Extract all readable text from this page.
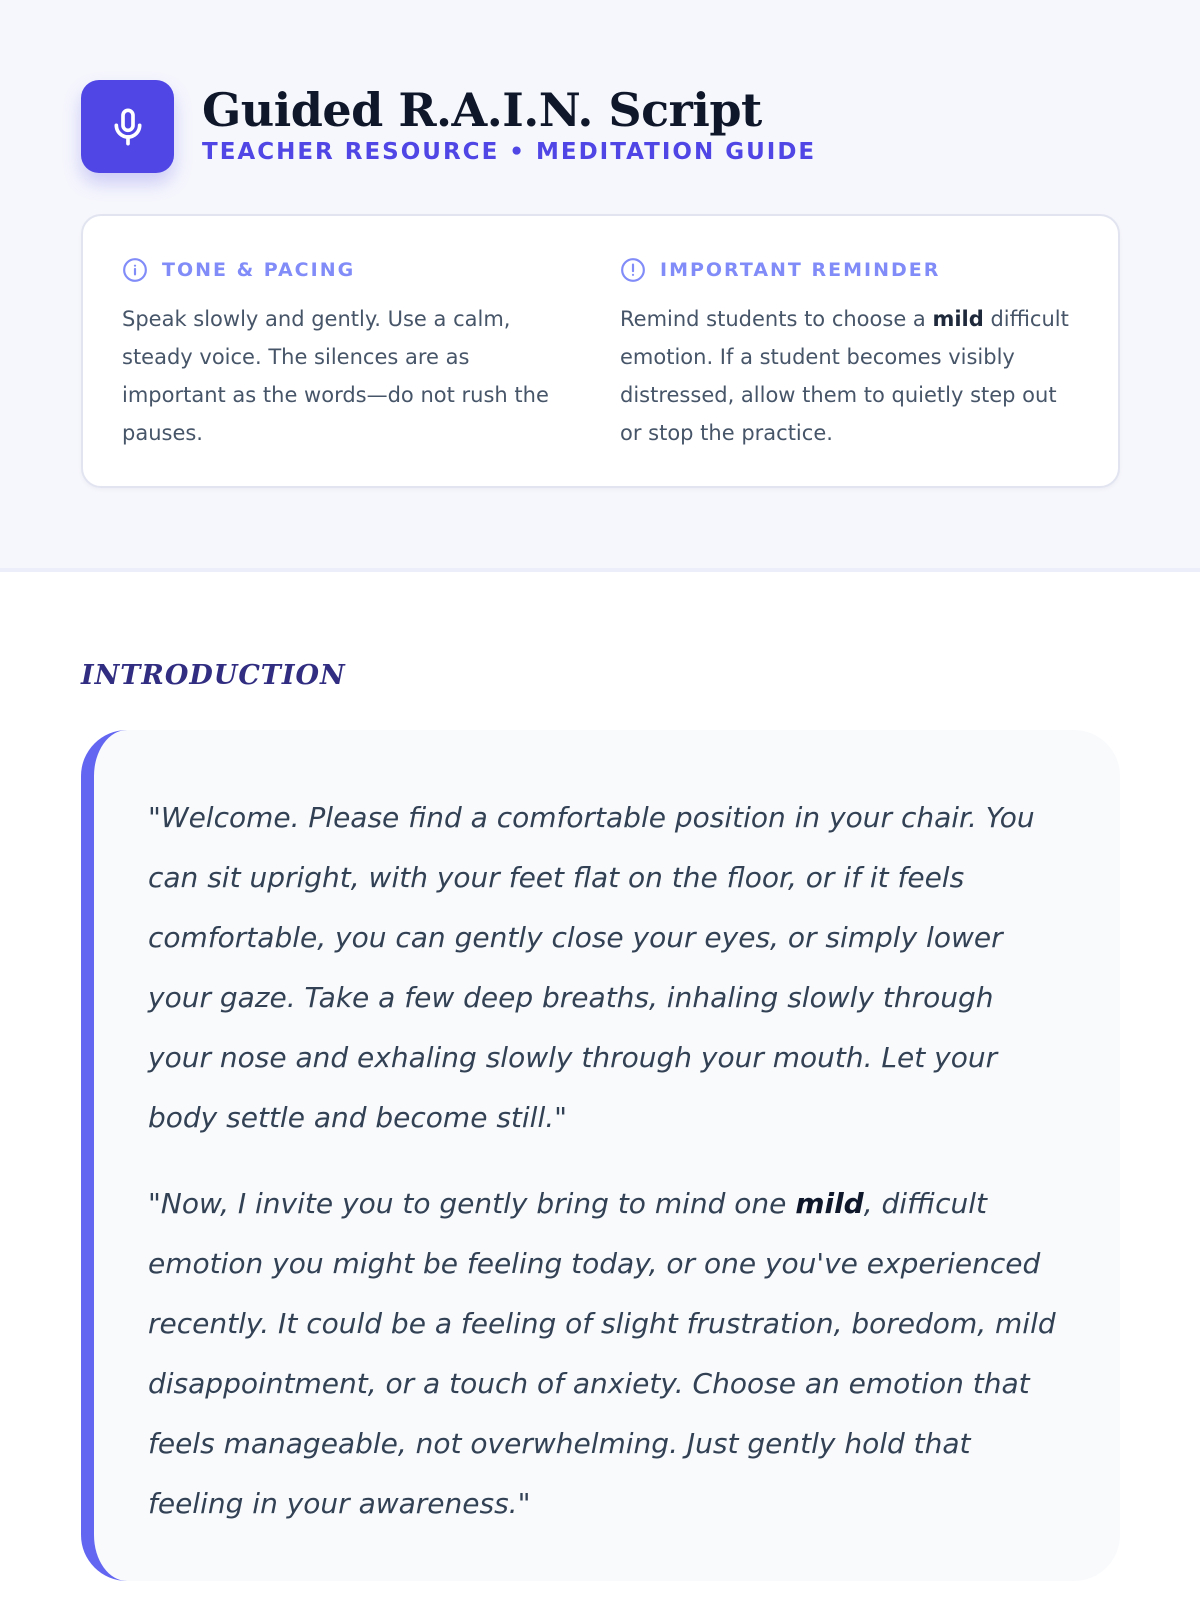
Guided R.A.I.N. Script
TEACHER RESOURCE • MEDITATION GUIDE
TONE & PACING
Speak slowly and gently. Use a calm, steady voice. The silences are as important as the words—do not rush the pauses.
IMPORTANT REMINDER
Remind students to choose a mild difficult emotion. If a student becomes visibly distressed, allow them to quietly step out or stop the practice.
INTRODUCTION

"Welcome. Please find a comfortable position in your chair. You can sit upright, with your feet flat on the floor, or if it feels comfortable, you can gently close your eyes, or simply lower your gaze. Take a few deep breaths, inhaling slowly through your nose and exhaling slowly through your mouth. Let your body settle and become still."

"Now, I invite you to gently bring to mind one mild, difficult emotion you might be feeling today, or one you've experienced recently. It could be a feeling of slight frustration, boredom, mild disappointment, or a touch of anxiety. Choose an emotion that feels manageable, not overwhelming. Just gently hold that feeling in your awareness."
